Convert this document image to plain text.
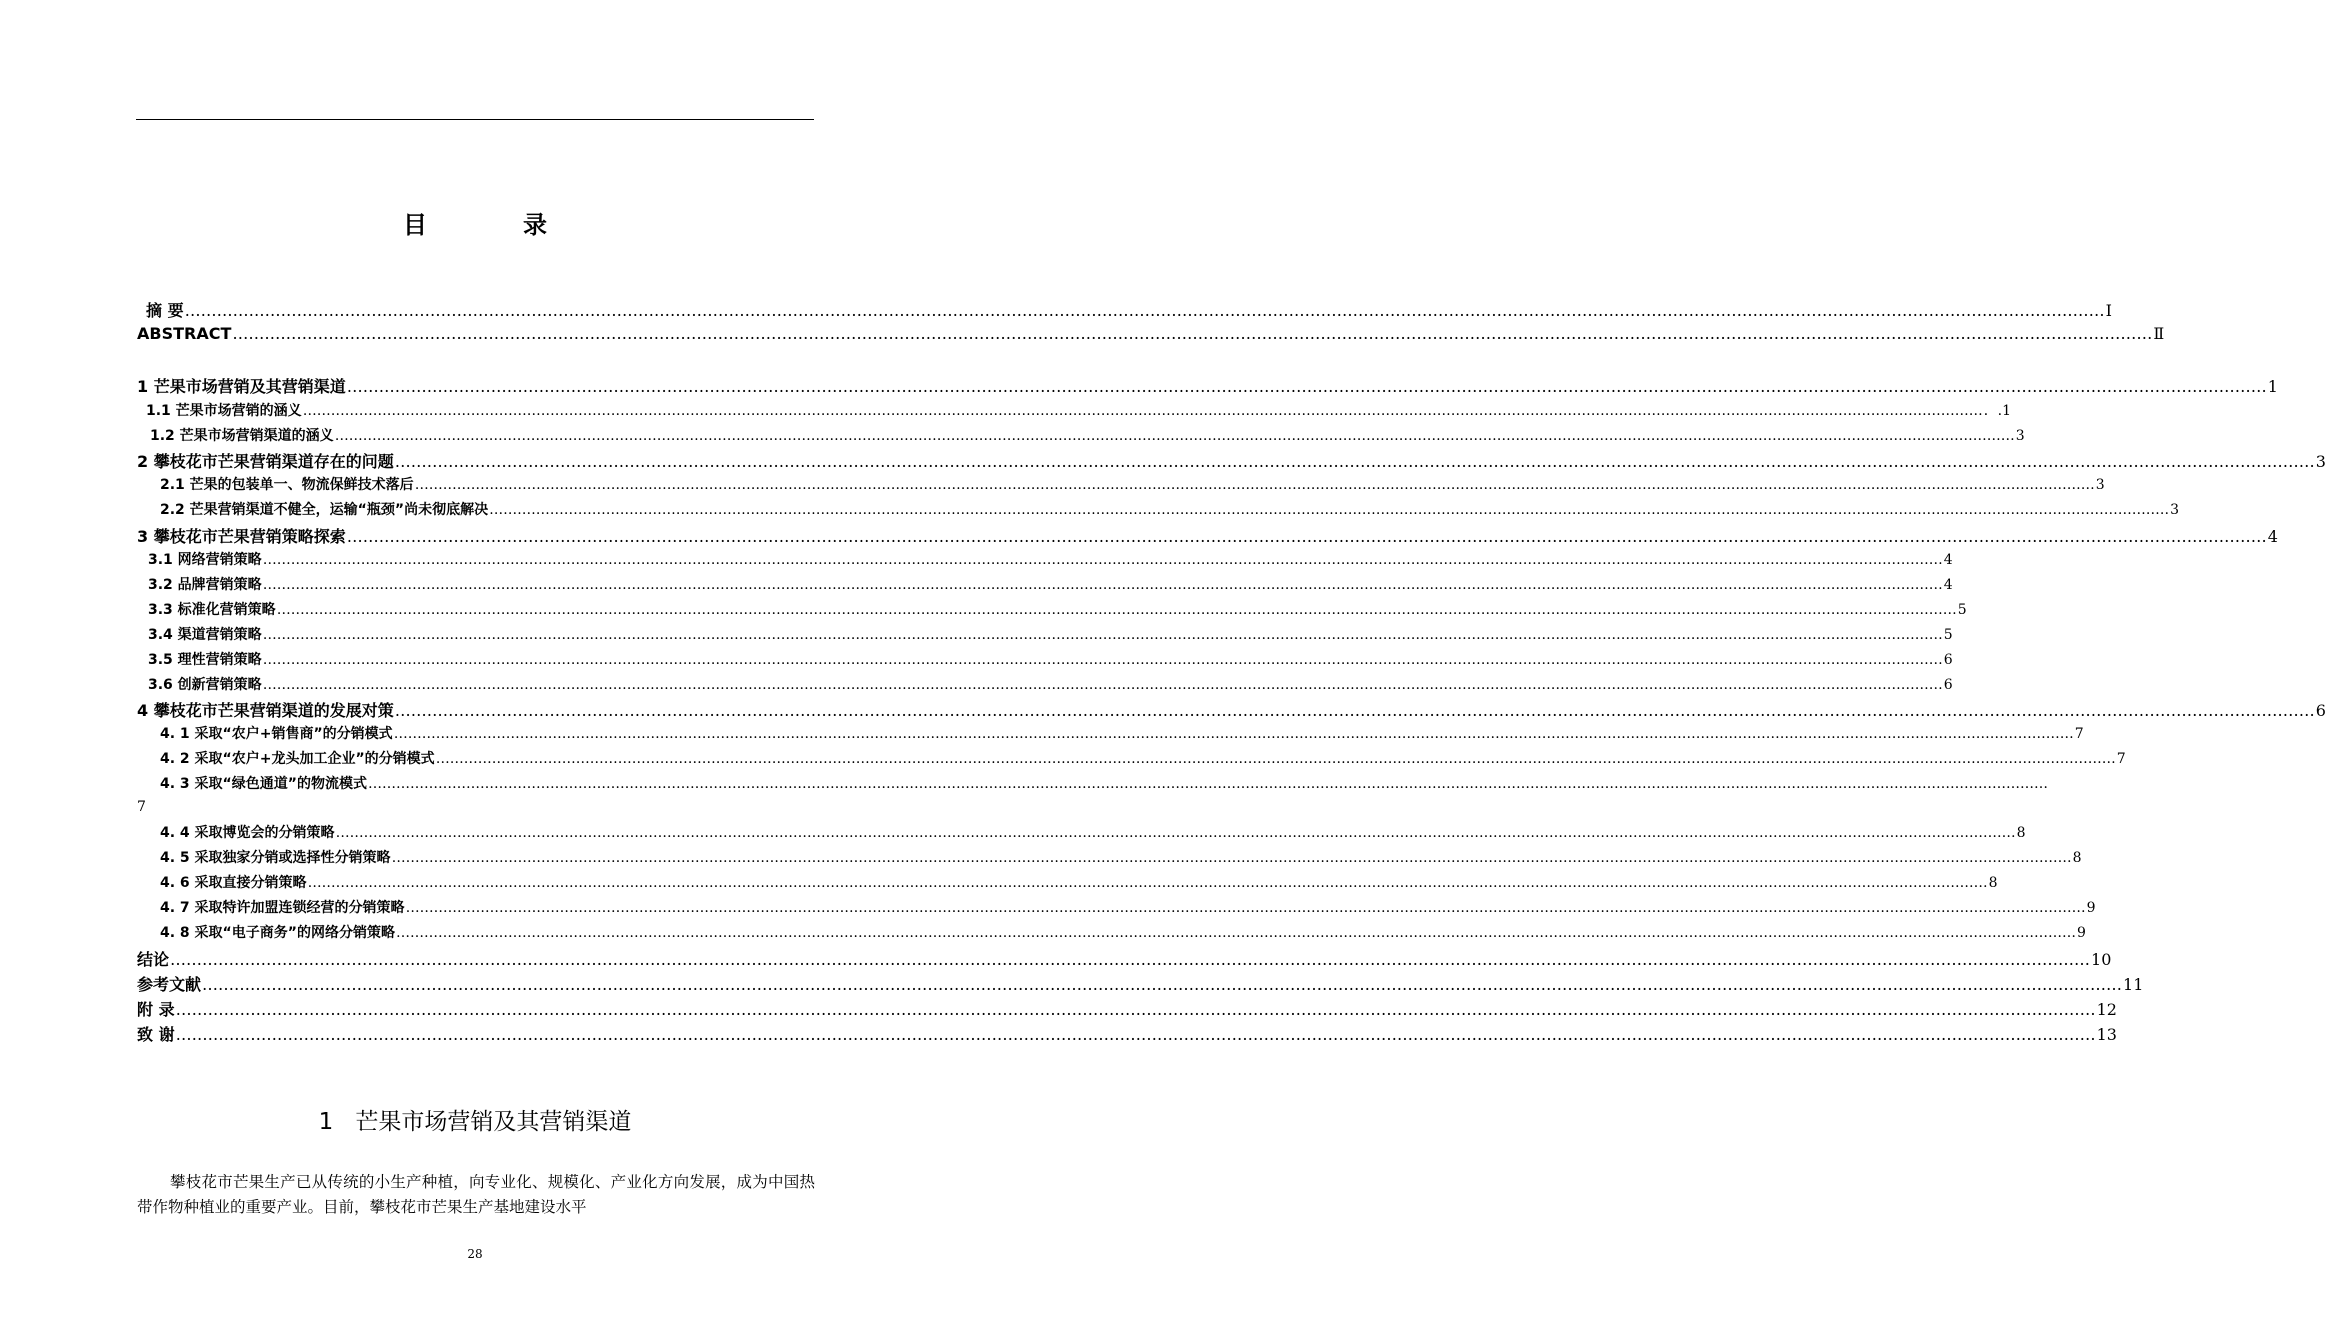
目　录
摘 要 ……………………………………………………………………………………………………………………………………………………………………………………………………………………………………………………………………………………………………………………………… Ⅰ
ABSTRACT ……………………………………………………………………………………………………………………………………………………………………………………………………………………………………………………………………………………………………………………………… Ⅱ
1 芒果市场营销及其营销渠道 ……………………………………………………………………………………………………………………………………………………………………………………………………………………………………………………………………………………………………………………………… 1
1.1 芒果市场营销的涵义 ……………………………………………………………………………………………………………………………………………………………………………………………………………………………………………………………………………………………………………………………… ．.1
1.2 芒果市场营销渠道的涵义 ……………………………………………………………………………………………………………………………………………………………………………………………………………………………………………………………………………………………………………………………… 3
2 攀枝花市芒果营销渠道存在的问题 ……………………………………………………………………………………………………………………………………………………………………………………………………………………………………………………………………………………………………………………………… 3
2.1 芒果的包装单一、物流保鲜技术落后 ……………………………………………………………………………………………………………………………………………………………………………………………………………………………………………………………………………………………………………………………… 3
2.2 芒果营销渠道不健全，运输“瓶颈”尚未彻底解决 ……………………………………………………………………………………………………………………………………………………………………………………………………………………………………………………………………………………………………………………………… 3
3 攀枝花市芒果营销策略探索 ……………………………………………………………………………………………………………………………………………………………………………………………………………………………………………………………………………………………………………………………… 4
3.1 网络营销策略 ……………………………………………………………………………………………………………………………………………………………………………………………………………………………………………………………………………………………………………………………… 4
3.2 品牌营销策略 ……………………………………………………………………………………………………………………………………………………………………………………………………………………………………………………………………………………………………………………………… 4
3.3 标准化营销策略 ……………………………………………………………………………………………………………………………………………………………………………………………………………………………………………………………………………………………………………………………… 5
3.4 渠道营销策略 ……………………………………………………………………………………………………………………………………………………………………………………………………………………………………………………………………………………………………………………………… 5
3.5 理性营销策略 ……………………………………………………………………………………………………………………………………………………………………………………………………………………………………………………………………………………………………………………………… 6
3.6 创新营销策略 ……………………………………………………………………………………………………………………………………………………………………………………………………………………………………………………………………………………………………………………………… 6
4 攀枝花市芒果营销渠道的发展对策 ……………………………………………………………………………………………………………………………………………………………………………………………………………………………………………………………………………………………………………………………… 6
4. 1 采取“农户+销售商”的分销模式 ……………………………………………………………………………………………………………………………………………………………………………………………………………………………………………………………………………………………………………………………… 7
4. 2 采取“农户+龙头加工企业”的分销模式 ……………………………………………………………………………………………………………………………………………………………………………………………………………………………………………………………………………………………………………………………… 7
4. 3 采取“绿色通道”的物流模式 ………………………………………………………………………………………………………………………………………………………………………………………………………………………………………………………………………………………………………………………………
4. 4 采取博览会的分销策略 ……………………………………………………………………………………………………………………………………………………………………………………………………………………………………………………………………………………………………………………………… 8
4. 5 采取独家分销或选择性分销策略 ……………………………………………………………………………………………………………………………………………………………………………………………………………………………………………………………………………………………………………………………… 8
4. 6 采取直接分销策略 ……………………………………………………………………………………………………………………………………………………………………………………………………………………………………………………………………………………………………………………………… 8
4. 7 采取特许加盟连锁经营的分销策略 ……………………………………………………………………………………………………………………………………………………………………………………………………………………………………………………………………………………………………………………………… 9
4. 8 采取“电子商务”的网络分销策略 ……………………………………………………………………………………………………………………………………………………………………………………………………………………………………………………………………………………………………………………………… 9
结论 ……………………………………………………………………………………………………………………………………………………………………………………………………………………………………………………………………………………………………………………………… 10
参考文献 ……………………………………………………………………………………………………………………………………………………………………………………………………………………………………………………………………………………………………………………………… 11
附 录 ……………………………………………………………………………………………………………………………………………………………………………………………………………………………………………………………………………………………………………………………… 12
致 谢 ……………………………………………………………………………………………………………………………………………………………………………………………………………………………………………………………………………………………………………………………… 13
7
1 芒果市场营销及其营销渠道
攀枝花市芒果生产已从传统的小生产种植，向专业化、规模化、产业化方向发展，成为中国热带作物种植业的重要产业。目前，攀枝花市芒果生产基地建设水平
28
